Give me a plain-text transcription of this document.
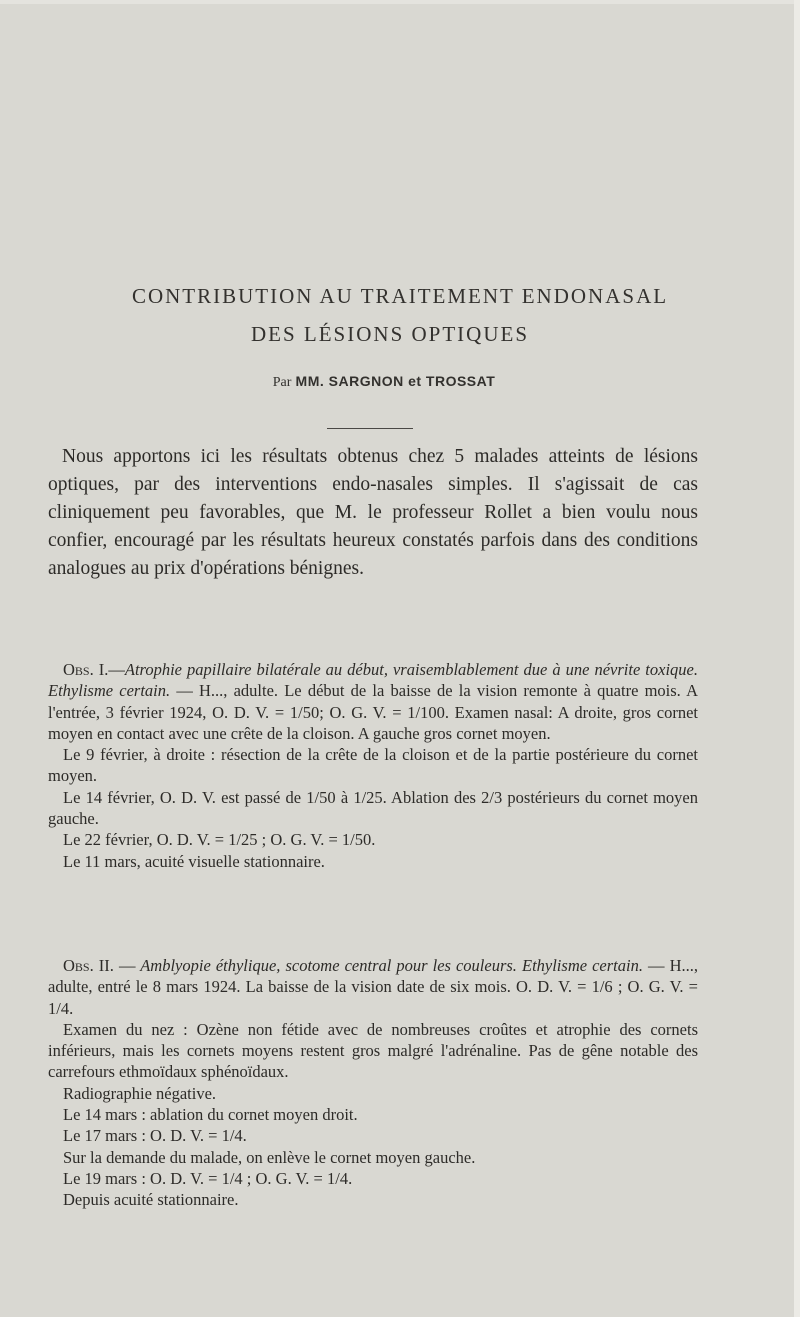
CONTRIBUTION AU TRAITEMENT ENDONASAL
DES LÉSIONS OPTIQUES
Par MM. SARGNON et TROSSAT

Nous apportons ici les résultats obtenus chez 5 malades atteints de lésions optiques, par des interventions endo-nasales simples. Il s'agissait de cas cliniquement peu favorables, que M. le professeur Rollet a bien voulu nous confier, encouragé par les résultats heureux constatés parfois dans des conditions analogues au prix d'opérations bénignes.

Obs. I.—Atrophie papillaire bilatérale au début, vraisemblablement due à une névrite toxique. Ethylisme certain. — H..., adulte. Le début de la baisse de la vision remonte à quatre mois. A l'entrée, 3 février 1924, O. D. V. = 1/50; O. G. V. = 1/100. Examen nasal: A droite, gros cornet moyen en contact avec une crête de la cloison. A gauche gros cornet moyen.

Le 9 février, à droite : résection de la crête de la cloison et de la partie postérieure du cornet moyen.

Le 14 février, O. D. V. est passé de 1/50 à 1/25. Ablation des 2/3 postérieurs du cornet moyen gauche.

Le 22 février, O. D. V. = 1/25 ; O. G. V. = 1/50.

Le 11 mars, acuité visuelle stationnaire.

Obs. II. — Amblyopie éthylique, scotome central pour les couleurs. Ethylisme certain. — H..., adulte, entré le 8 mars 1924. La baisse de la vision date de six mois. O. D. V. = 1/6 ; O. G. V. = 1/4.

Examen du nez : Ozène non fétide avec de nombreuses croûtes et atrophie des cornets inférieurs, mais les cornets moyens restent gros malgré l'adrénaline. Pas de gêne notable des carrefours ethmoïdaux sphénoïdaux.

Radiographie négative.

Le 14 mars : ablation du cornet moyen droit.

Le 17 mars : O. D. V. = 1/4.

Sur la demande du malade, on enlève le cornet moyen gauche.

Le 19 mars : O. D. V. = 1/4 ; O. G. V. = 1/4.

Depuis acuité stationnaire.
